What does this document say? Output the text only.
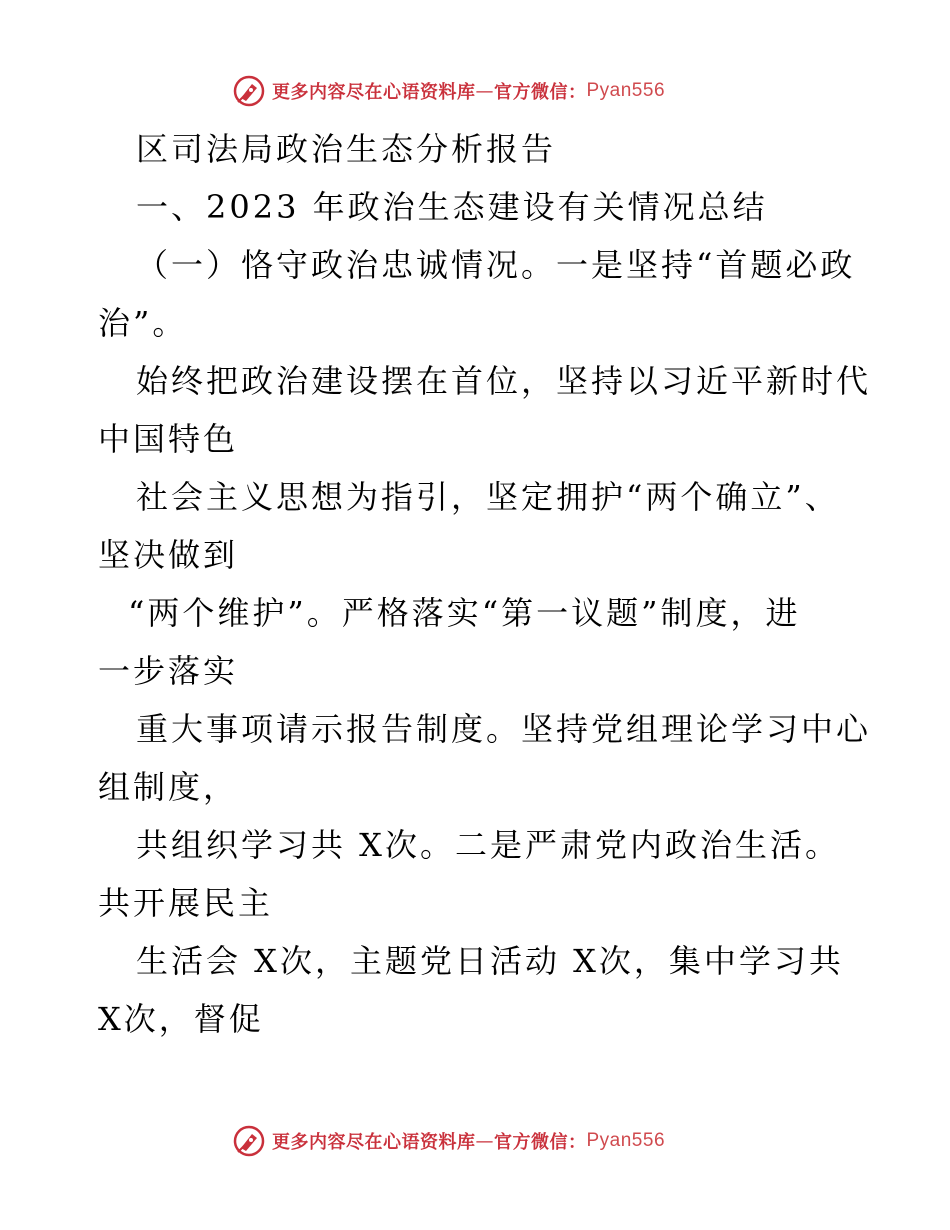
更多内容尽在心语资料库 — 官方微信： Pyan556
区司法局政治生态分析报告
一、2023 年政治生态建设有关情况总结
（一）恪守政治忠诚情况。一是坚持“首题必政
治”。
始终把政治建设摆在首位，坚持以习近平新时代
中国特色
社会主义思想为指引，坚定拥护“两个确立”、
坚决做到
“两个维护”。严格落实“第一议题”制度，进
一步落实
重大事项请示报告制度。坚持党组理论学习中心
组制度，
共组织学习共 X次。二是严肃党内政治生活。
共开展民主
生活会 X次，主题党日活动 X次，集中学习共
X次，督促
更多内容尽在心语资料库 — 官方微信： Pyan556
